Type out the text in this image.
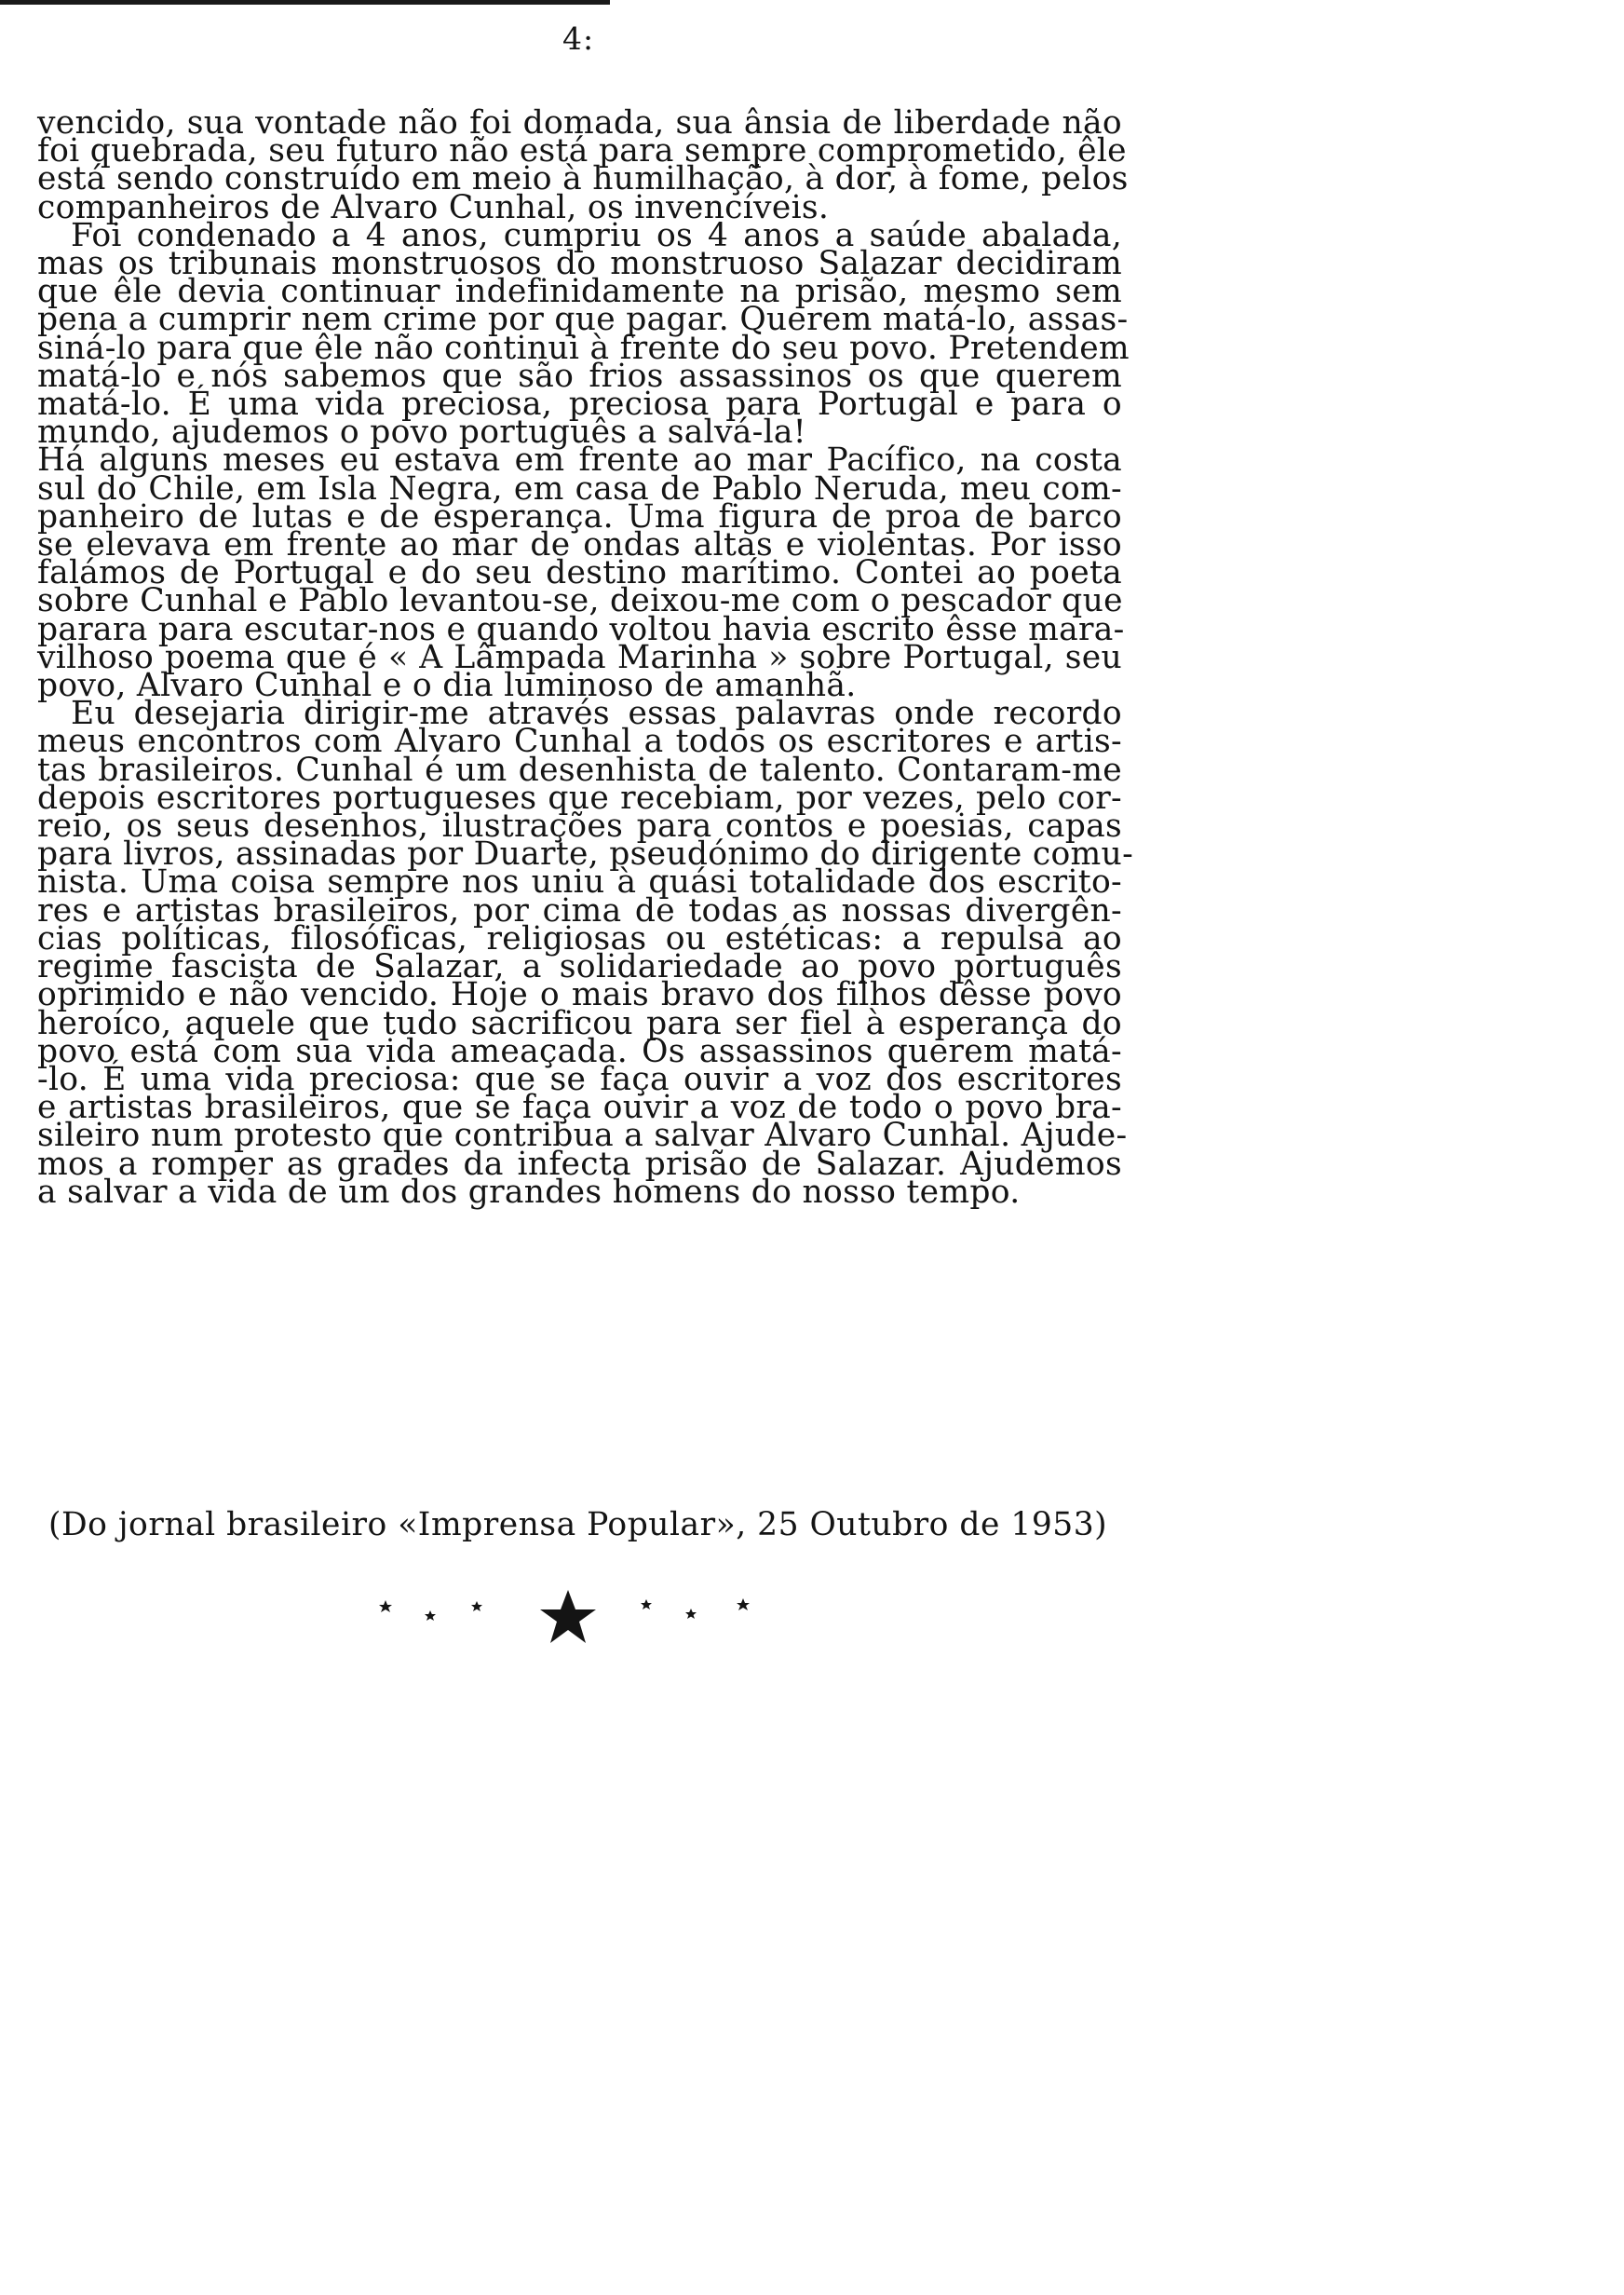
4:

vencido, sua vontade não foi domada, sua ânsia de liberdade não
foi quebrada, seu futuro não está para sempre comprometido, êle
está sendo construído em meio à humilhação, à dor, à fome, pelos
companheiros de Alvaro Cunhal, os invencíveis.

Foi condenado a 4 anos, cumpriu os 4 anos a saúde abalada,
mas os tribunais monstruosos do monstruoso Salazar decidiram
que êle devia continuar indefinidamente na prisão, mesmo sem
pena a cumprir nem crime por que pagar. Querem matá-lo, assas-
siná-lo para que êle não continui à frente do seu povo. Pretendem
matá-lo e nós sabemos que são frios assassinos os que querem
matá-lo. É uma vida preciosa, preciosa para Portugal e para o
mundo, ajudemos o povo português a salvá-la!

Há alguns meses eu estava em frente ao mar Pacífico, na costa
sul do Chile, em Isla Negra, em casa de Pablo Neruda, meu com-
panheiro de lutas e de esperança. Uma figura de proa de barco
se elevava em frente ao mar de ondas altas e violentas. Por isso
falámos de Portugal e do seu destino marítimo. Contei ao poeta
sobre Cunhal e Pablo levantou-se, deixou-me com o pescador que
parara para escutar-nos e quando voltou havia escrito êsse mara-
vilhoso poema que é « A Lâmpada Marinha » sobre Portugal, seu
povo, Alvaro Cunhal e o dia luminoso de amanhã.

Eu desejaria dirigir-me através essas palavras onde recordo
meus encontros com Alvaro Cunhal a todos os escritores e artis-
tas brasileiros. Cunhal é um desenhista de talento. Contaram-me
depois escritores portugueses que recebiam, por vezes, pelo cor-
reio, os seus desenhos, ilustrações para contos e poesias, capas
para livros, assinadas por Duarte, pseudónimo do dirigente comu-
nista. Uma coisa sempre nos uniu à quási totalidade dos escrito-
res e artistas brasileiros, por cima de todas as nossas divergên-
cias políticas, filosóficas, religiosas ou estéticas: a repulsa ao
regime fascista de Salazar, a solidariedade ao povo português
oprimido e não vencido. Hoje o mais bravo dos filhos dêsse povo
heroíco, aquele que tudo sacrificou para ser fiel à esperança do
povo está com sua vida ameaçada. Os assassinos querem matá-
-lo. É uma vida preciosa: que se faça ouvir a voz dos escritores
e artistas brasileiros, que se faça ouvir a voz de todo o povo bra-
sileiro num protesto que contribua a salvar Alvaro Cunhal. Ajude-
mos a romper as grades da infecta prisão de Salazar. Ajudemos
a salvar a vida de um dos grandes homens do nosso tempo.

(Do jornal brasileiro «Imprensa Popular», 25 Outubro de 1953)
